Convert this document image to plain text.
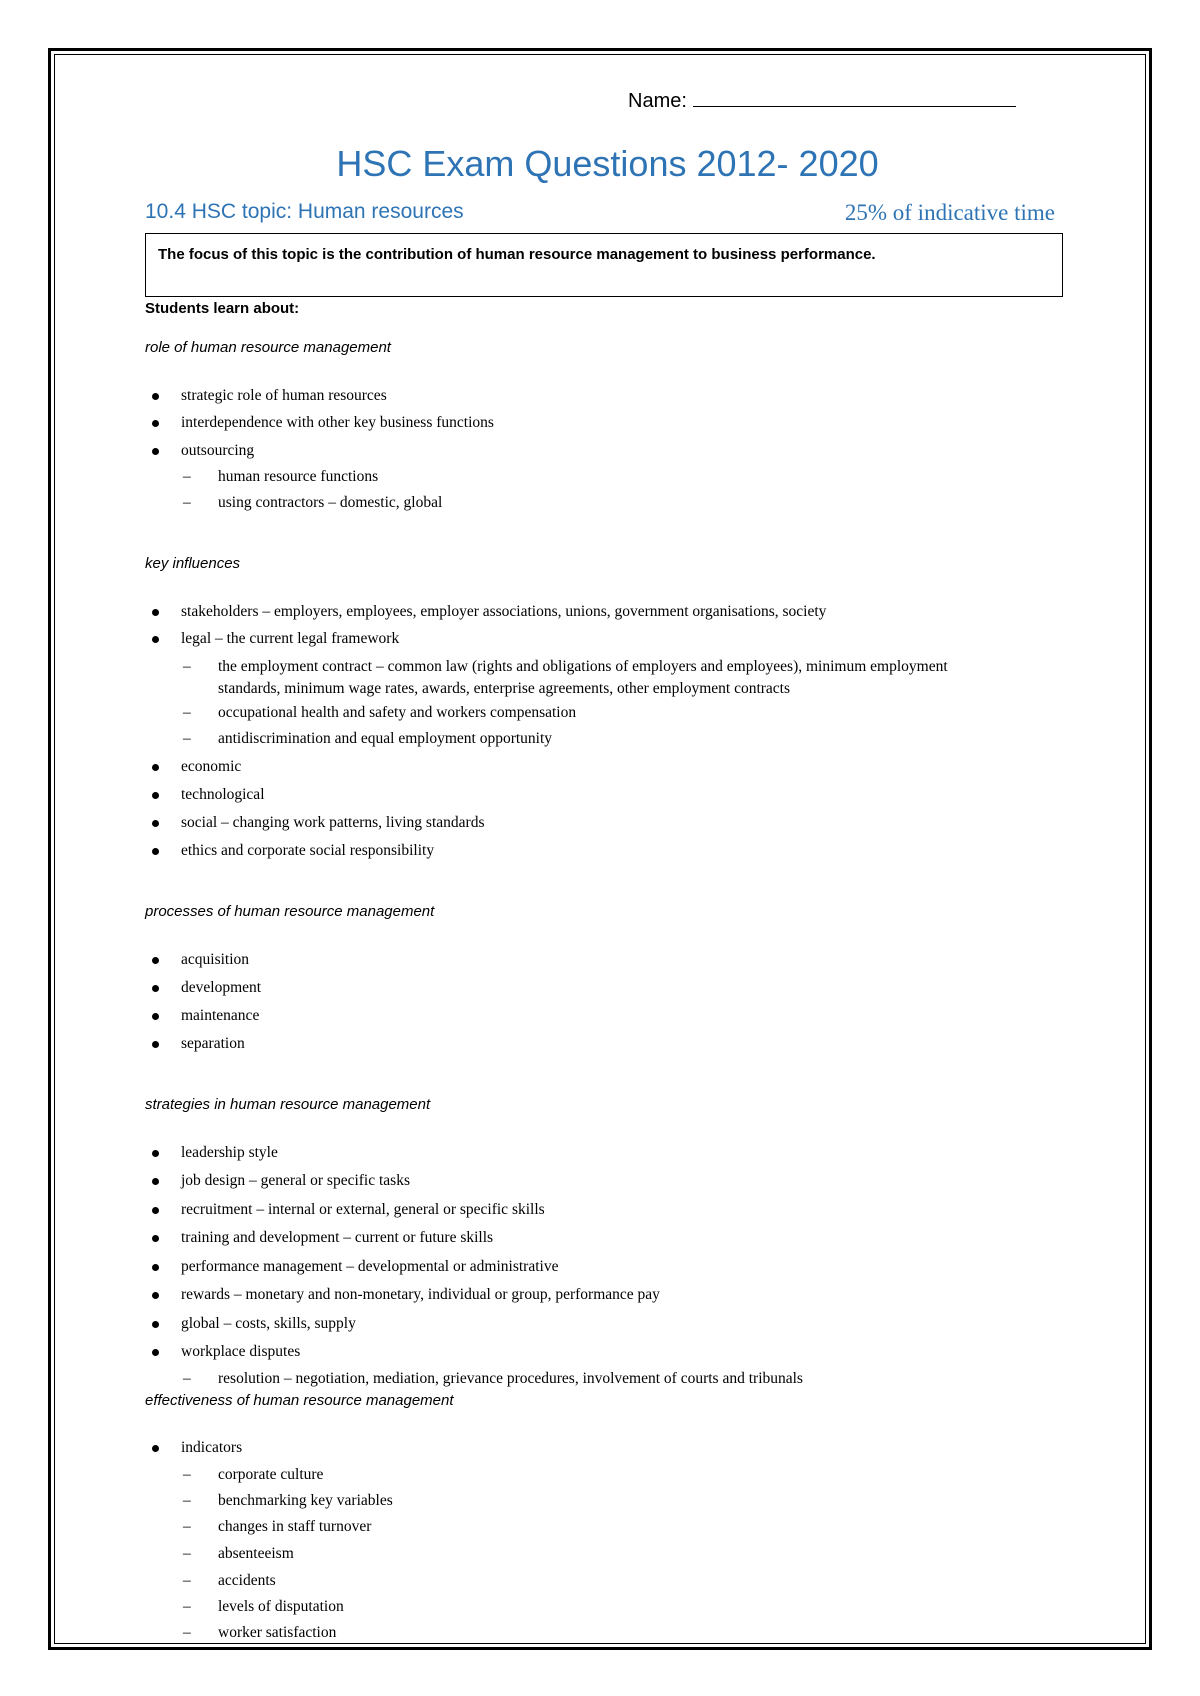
Name:
HSC Exam Questions 2012- 2020
10.4 HSC topic: Human resources	25% of indicative time
The focus of this topic is the contribution of human resource management to business performance.
Students learn about:
role of human resource management
strategic role of human resources
interdependence with other key business functions
outsourcing
– human resource functions
– using contractors – domestic, global
key influences
stakeholders – employers, employees, employer associations, unions, government organisations, society
legal – the current legal framework
– the employment contract – common law (rights and obligations of employers and employees), minimum employment standards, minimum wage rates, awards, enterprise agreements, other employment contracts
– occupational health and safety and workers compensation
– antidiscrimination and equal employment opportunity
economic
technological
social – changing work patterns, living standards
ethics and corporate social responsibility
processes of human resource management
acquisition
development
maintenance
separation
strategies in human resource management
leadership style
job design – general or specific tasks
recruitment – internal or external, general or specific skills
training and development – current or future skills
performance management – developmental or administrative
rewards – monetary and non-monetary, individual or group, performance pay
global – costs, skills, supply
workplace disputes
– resolution – negotiation, mediation, grievance procedures, involvement of courts and tribunals
effectiveness of human resource management
indicators
– corporate culture
– benchmarking key variables
– changes in staff turnover
– absenteeism
– accidents
– levels of disputation
– worker satisfaction
